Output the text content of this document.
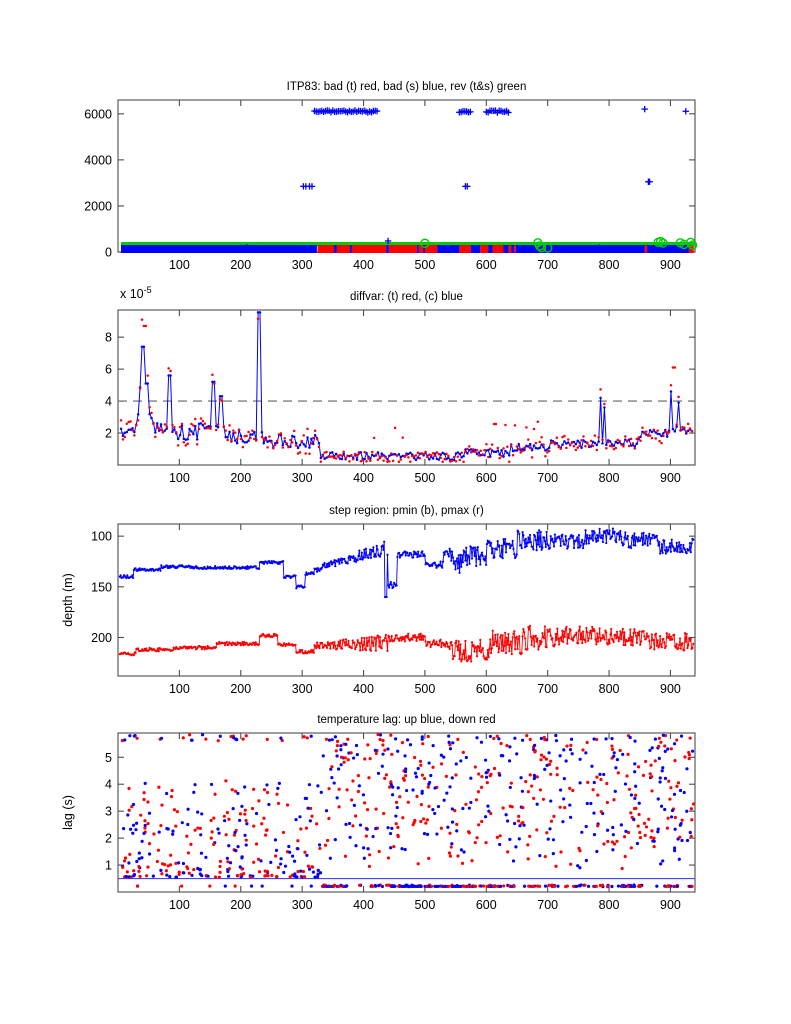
ITP83: bad (t) red, bad (s) blue, rev (t&s) green
100	200	300	400	500	600	700	800	900
0
2000
4000
6000
diffvar: (t) red, (c) blue
100	200	300	400	500	600	700	800	900
2
4
6
8
x $10^{-5}$
step region: pmin (b), pmax (r)
100	200	300	400	500	600	700	800	900
100
150
200
depth (m)
temperature lag: up blue, down red
100	200	300	400	500	600	700	800	900
1
2
3
4
5
lag (s)
